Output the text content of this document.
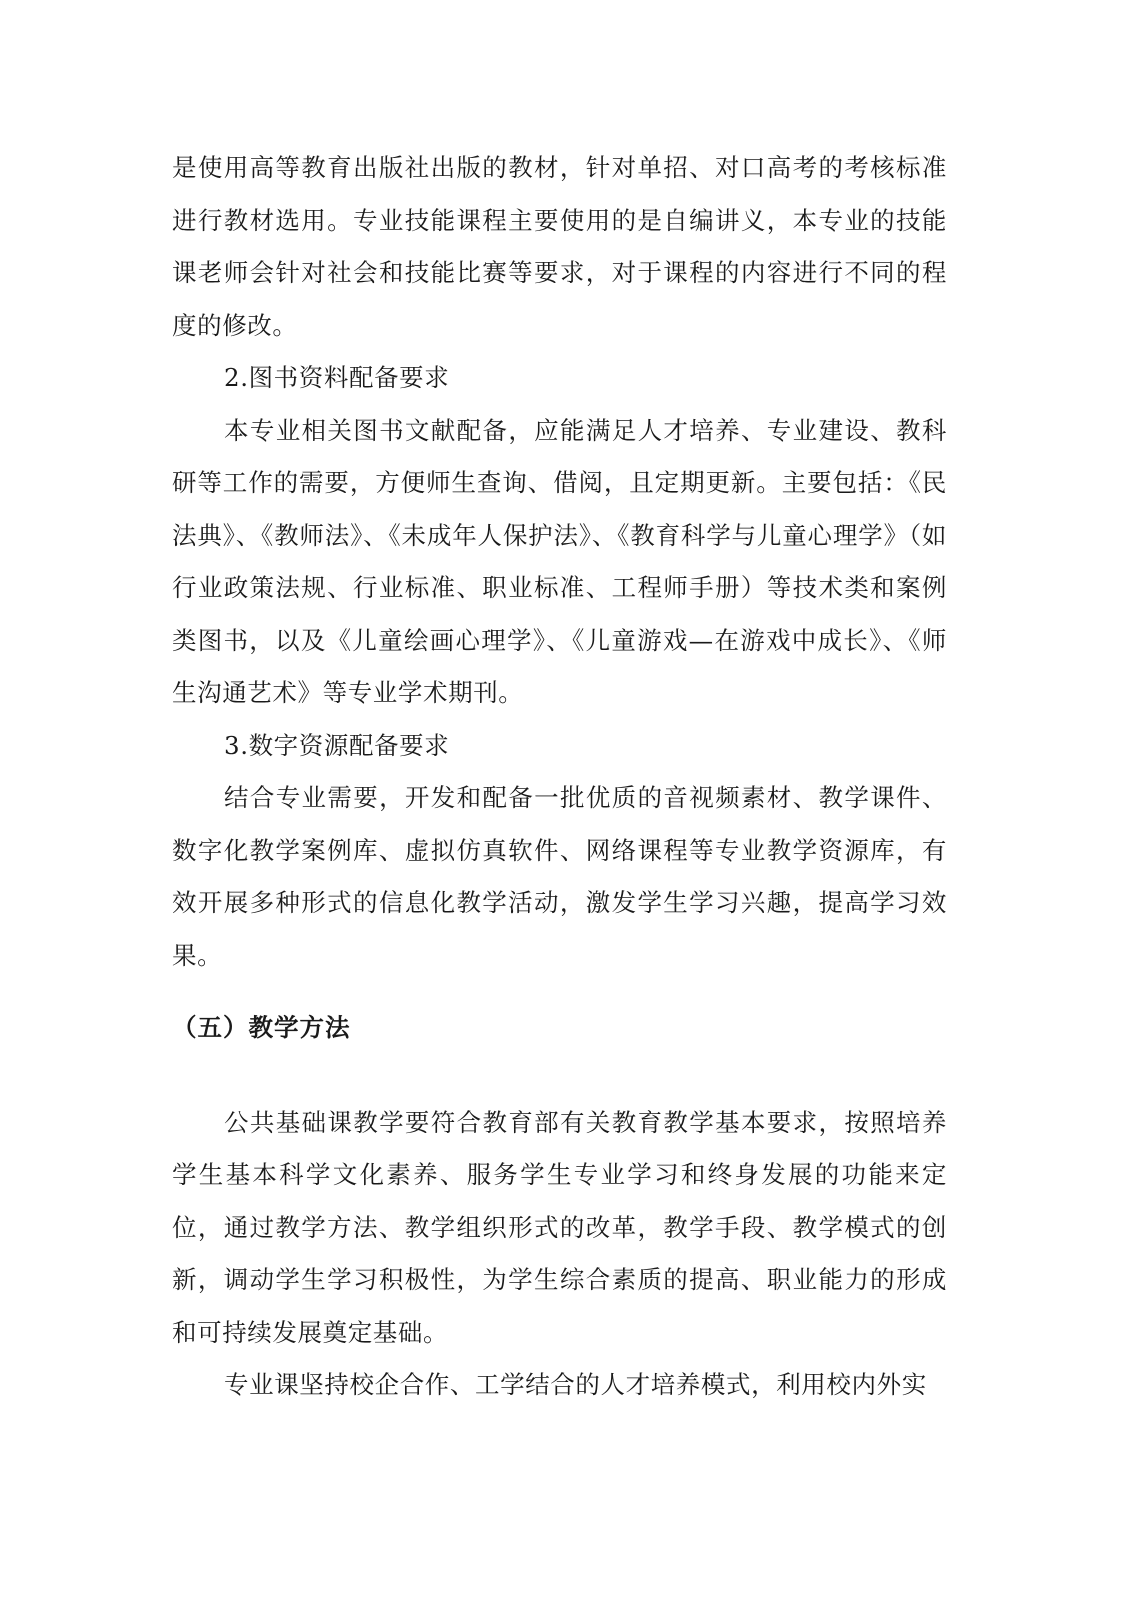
是使用高等教育出版社出版的教材，针对单招、对口高考的考核标准进行教材选用。专业技能课程主要使用的是自编讲义，本专业的技能课老师会针对社会和技能比赛等要求，对于课程的内容进行不同的程度的修改。

2.图书资料配备要求

本专业相关图书文献配备，应能满足人才培养、专业建设、教科研等工作的需要，方便师生查询、借阅，且定期更新。主要包括：《民法典》、《教师法》、《未成年人保护法》、《教育科学与儿童心理学》（如行业政策法规、行业标准、职业标准、工程师手册）等技术类和案例类图书，以及《儿童绘画心理学》、《儿童游戏—在游戏中成长》、《师生沟通艺术》等专业学术期刊。

3.数字资源配备要求

结合专业需要，开发和配备一批优质的音视频素材、教学课件、数字化教学案例库、虚拟仿真软件、网络课程等专业教学资源库，有效开展多种形式的信息化教学活动，激发学生学习兴趣，提高学习效果。

（五）教学方法

公共基础课教学要符合教育部有关教育教学基本要求，按照培养学生基本科学文化素养、服务学生专业学习和终身发展的功能来定位，通过教学方法、教学组织形式的改革，教学手段、教学模式的创新，调动学生学习积极性，为学生综合素质的提高、职业能力的形成和可持续发展奠定基础。

专业课坚持校企合作、工学结合的人才培养模式，利用校内外实
